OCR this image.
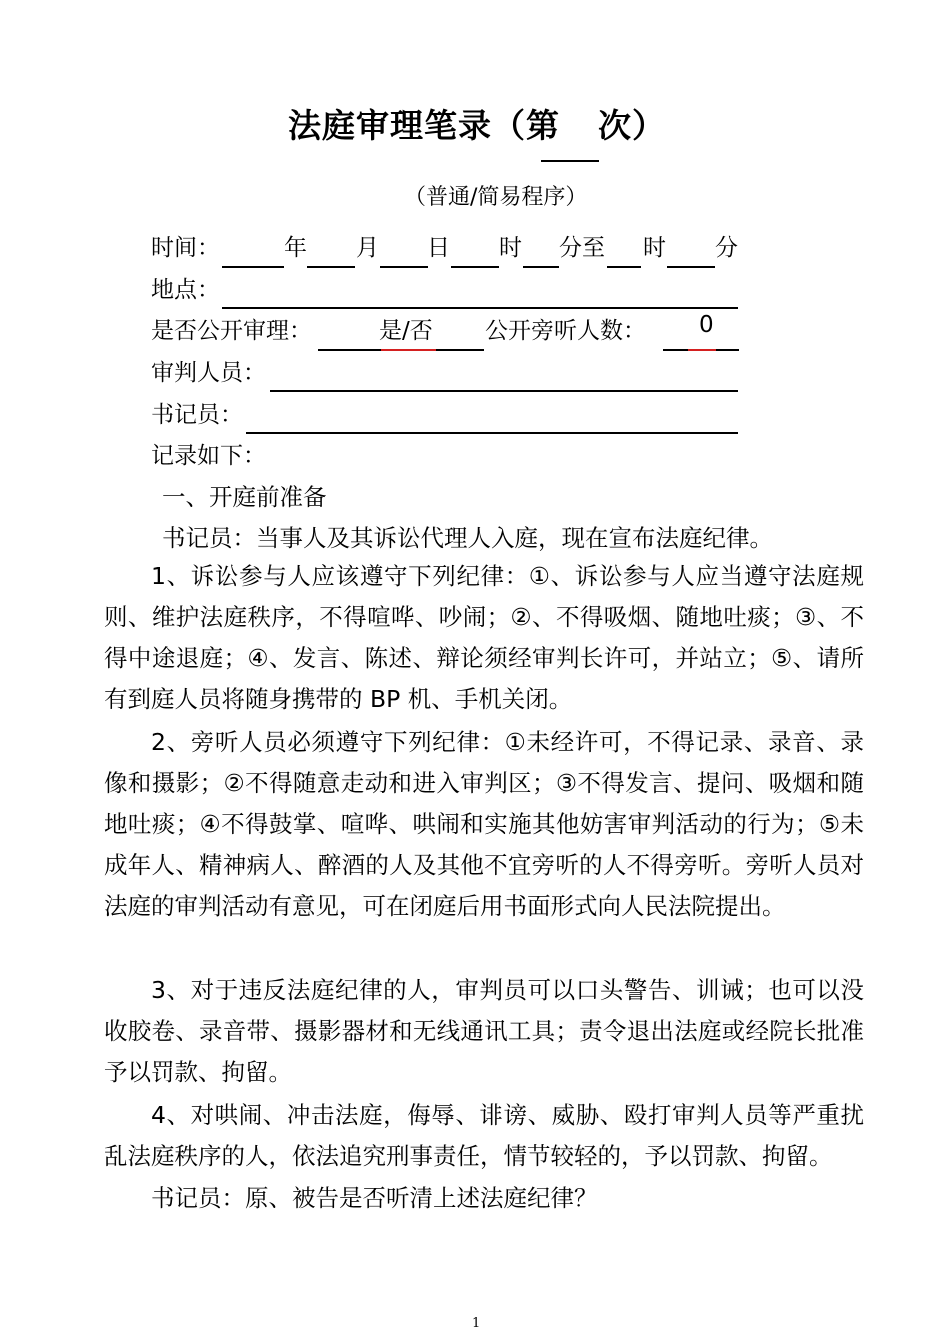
法庭审理笔录（第 次）
（普通/简易程序）
时间：	年 月 日 时 分至 时 分
地点：
是否公开审理：	是/否 公开旁听人数： 0
审判人员：
书记员：
记录如下：
一、开庭前准备
书记员：当事人及其诉讼代理人入庭，现在宣布法庭纪律。
1、诉讼参与人应该遵守下列纪律：①、诉讼参与人应当遵守法庭规则、维护法庭秩序，不得喧哗、吵闹；②、不得吸烟、随地吐痰；③、不得中途退庭；④、发言、陈述、辩论须经审判长许可，并站立；⑤、请所有到庭人员将随身携带的 BP 机、手机关闭。
2、旁听人员必须遵守下列纪律：①未经许可，不得记录、录音、录像和摄影；②不得随意走动和进入审判区；③不得发言、提问、吸烟和随地吐痰；④不得鼓掌、喧哗、哄闹和实施其他妨害审判活动的行为；⑤未成年人、精神病人、醉酒的人及其他不宜旁听的人不得旁听。旁听人员对法庭的审判活动有意见，可在闭庭后用书面形式向人民法院提出。
3、对于违反法庭纪律的人，审判员可以口头警告、训诫；也可以没收胶卷、录音带、摄影器材和无线通讯工具；责令退出法庭或经院长批准予以罚款、拘留。
4、对哄闹、冲击法庭，侮辱、诽谤、威胁、殴打审判人员等严重扰乱法庭秩序的人，依法追究刑事责任，情节较轻的，予以罚款、拘留。
书记员：原、被告是否听清上述法庭纪律？
1
